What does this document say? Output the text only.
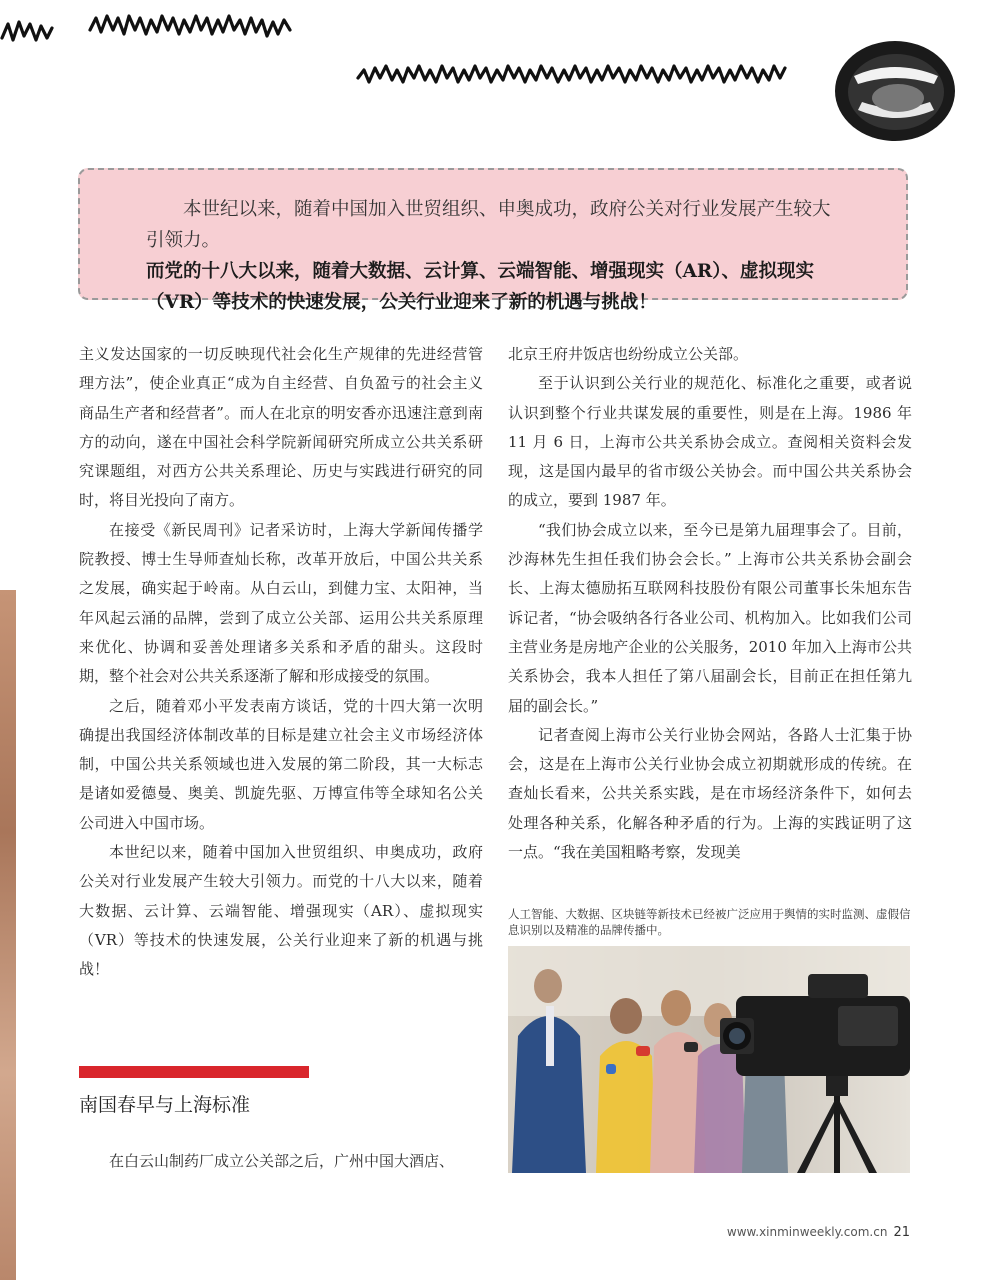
本世纪以来，随着中国加入世贸组织、申奥成功，政府公关对行业发展产生较大引领力。
而党的十八大以来，随着大数据、云计算、云端智能、增强现实（AR）、虚拟现实（VR）等技术的快速发展，公关行业迎来了新的机遇与挑战！

主义发达国家的一切反映现代社会化生产规律的先进经营管理方法”，使企业真正“成为自主经营、自负盈亏的社会主义商品生产者和经营者”。而人在北京的明安香亦迅速注意到南方的动向，遂在中国社会科学院新闻研究所成立公共关系研究课题组，对西方公共关系理论、历史与实践进行研究的同时，将目光投向了南方。

在接受《新民周刊》记者采访时，上海大学新闻传播学院教授、博士生导师查灿长称，改革开放后，中国公共关系之发展，确实起于岭南。从白云山，到健力宝、太阳神，当年风起云涌的品牌，尝到了成立公关部、运用公共关系原理来优化、协调和妥善处理诸多关系和矛盾的甜头。这段时期，整个社会对公共关系逐渐了解和形成接受的氛围。

之后，随着邓小平发表南方谈话，党的十四大第一次明确提出我国经济体制改革的目标是建立社会主义市场经济体制，中国公共关系领域也进入发展的第二阶段，其一大标志是诸如爱德曼、奥美、凯旋先驱、万博宣伟等全球知名公关公司进入中国市场。

本世纪以来，随着中国加入世贸组织、申奥成功，政府公关对行业发展产生较大引领力。而党的十八大以来，随着大数据、云计算、云端智能、增强现实（AR）、虚拟现实（VR）等技术的快速发展，公关行业迎来了新的机遇与挑战！

南国春早与上海标准
在白云山制药厂成立公关部之后，广州中国大酒店、

北京王府井饭店也纷纷成立公关部。

至于认识到公关行业的规范化、标准化之重要，或者说认识到整个行业共谋发展的重要性，则是在上海。1986 年 11 月 6 日，上海市公共关系协会成立。查阅相关资料会发现，这是国内最早的省市级公关协会。而中国公共关系协会的成立，要到 1987 年。

“我们协会成立以来，至今已是第九届理事会了。目前，沙海林先生担任我们协会会长。” 上海市公共关系协会副会长、上海太德励拓互联网科技股份有限公司董事长朱旭东告诉记者，“协会吸纳各行各业公司、机构加入。比如我们公司主营业务是房地产企业的公关服务，2010 年加入上海市公共关系协会，我本人担任了第八届副会长，目前正在担任第九届的副会长。”

记者查阅上海市公关行业协会网站，各路人士汇集于协会，这是在上海市公关行业协会成立初期就形成的传统。在查灿长看来，公共关系实践，是在市场经济条件下，如何去处理各种关系，化解各种矛盾的行为。上海的实践证明了这一点。“我在美国粗略考察，发现美

人工智能、大数据、区块链等新技术已经被广泛应用于舆情的实时监测、虚假信息识别以及精准的品牌传播中。
www.xinminweekly.com.cn 21
